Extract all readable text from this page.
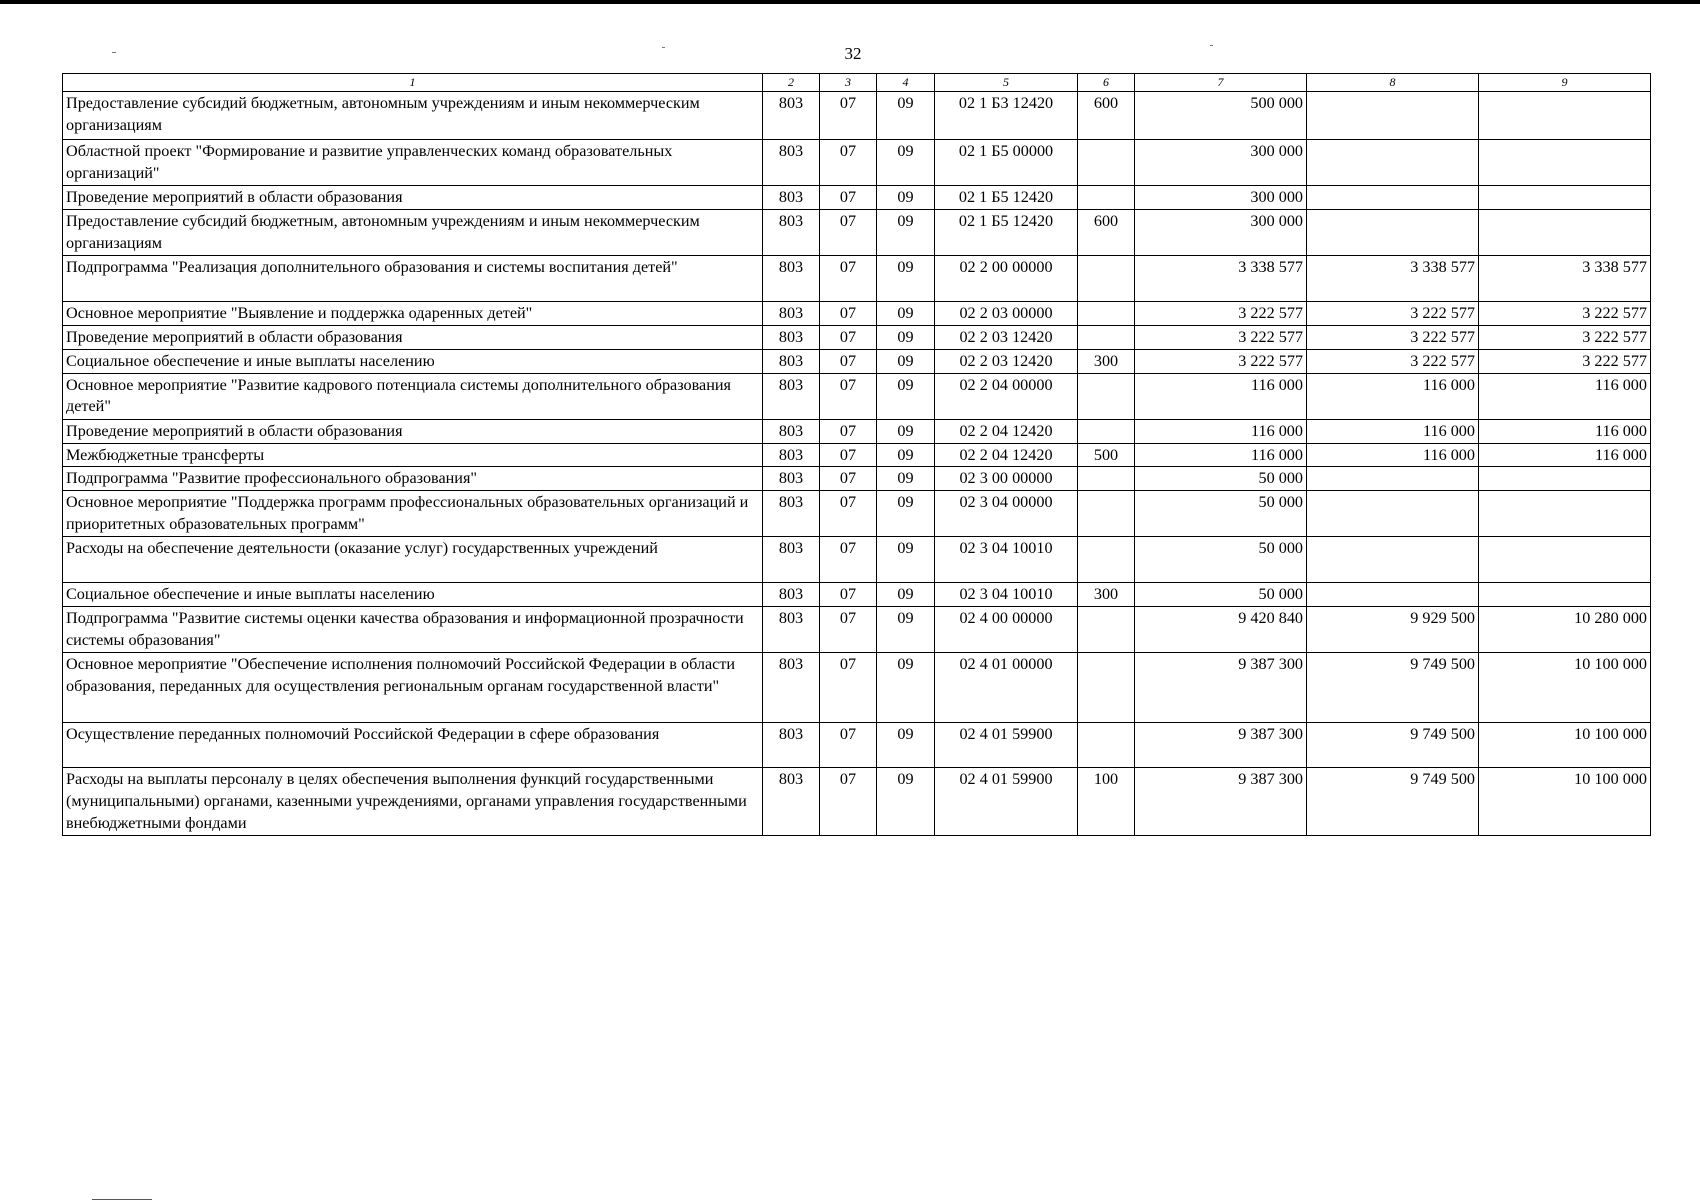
32
1	2	3	4	5	6	7	8	9
Предоставление субсидий бюджетным, автономным учреждениям и иным некоммерческим организациям	803	07	09	02 1 Б3 12420	600	500 000		
Областной проект "Формирование и развитие управленческих команд образовательных организаций"	803	07	09	02 1 Б5 00000		300 000		
Проведение мероприятий в области образования	803	07	09	02 1 Б5 12420		300 000		
Предоставление субсидий бюджетным, автономным учреждениям и иным некоммерческим организациям	803	07	09	02 1 Б5 12420	600	300 000		
Подпрограмма "Реализация дополнительного образования и системы воспитания детей"	803	07	09	02 2 00 00000		3 338 577	3 338 577	3 338 577
Основное мероприятие "Выявление и поддержка одаренных детей"	803	07	09	02 2 03 00000		3 222 577	3 222 577	3 222 577
Проведение мероприятий в области образования	803	07	09	02 2 03 12420		3 222 577	3 222 577	3 222 577
Социальное обеспечение и иные выплаты населению	803	07	09	02 2 03 12420	300	3 222 577	3 222 577	3 222 577
Основное мероприятие "Развитие кадрового потенциала системы дополнительного образования детей"	803	07	09	02 2 04 00000		116 000	116 000	116 000
Проведение мероприятий в области образования	803	07	09	02 2 04 12420		116 000	116 000	116 000
Межбюджетные трансферты	803	07	09	02 2 04 12420	500	116 000	116 000	116 000
Подпрограмма "Развитие профессионального образования"	803	07	09	02 3 00 00000		50 000		
Основное мероприятие "Поддержка программ профессиональных образовательных организаций и приоритетных образовательных программ"	803	07	09	02 3 04 00000		50 000		
Расходы на обеспечение деятельности (оказание услуг) государственных учреждений	803	07	09	02 3 04 10010		50 000		
Социальное обеспечение и иные выплаты населению	803	07	09	02 3 04 10010	300	50 000		
Подпрограмма "Развитие системы оценки качества образования и информационной прозрачности системы образования"	803	07	09	02 4 00 00000		9 420 840	9 929 500	10 280 000
Основное мероприятие "Обеспечение исполнения полномочий Российской Федерации в области образования, переданных для осуществления региональным органам государственной власти"	803	07	09	02 4 01 00000		9 387 300	9 749 500	10 100 000
Осуществление переданных полномочий Российской Федерации в сфере образования	803	07	09	02 4 01 59900		9 387 300	9 749 500	10 100 000
Расходы на выплаты персоналу в целях обеспечения выполнения функций государственными (муниципальными) органами, казенными учреждениями, органами управления государственными внебюджетными фондами	803	07	09	02 4 01 59900	100	9 387 300	9 749 500	10 100 000
